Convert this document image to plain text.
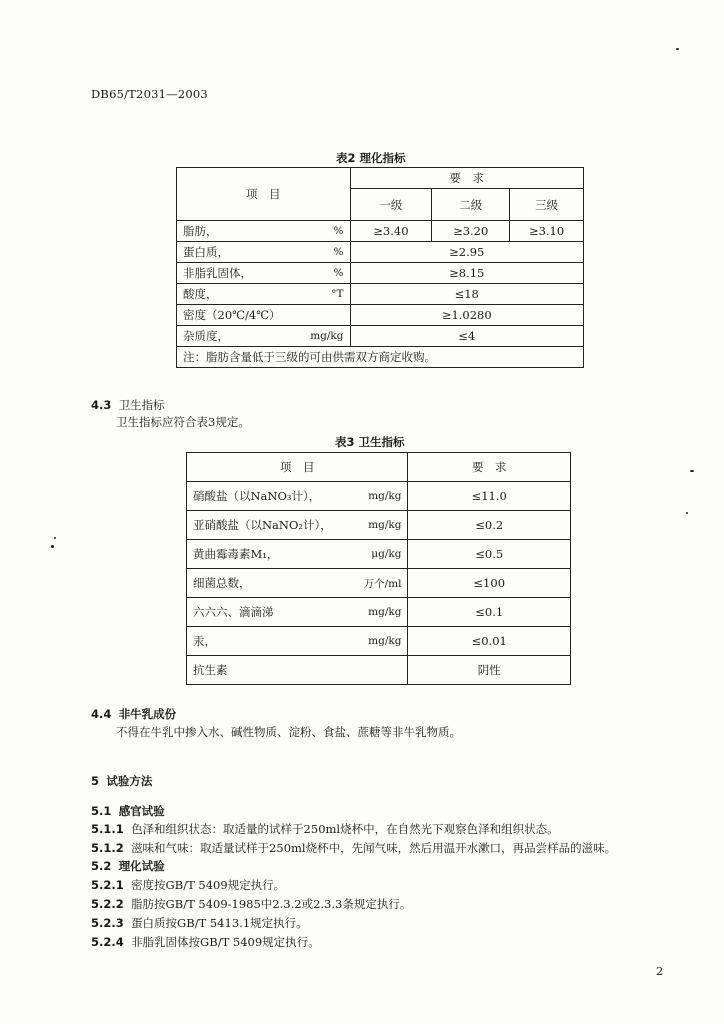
DB65/T2031—2003
表2 理化指标
项　目	要　求		
	一级	二级	三级

脂肪， %	≥3.40	≥3.20	≥3.10

蛋白质， %	≥2.95		

非脂乳固体， %	≥8.15		

酸度， °T	≤18		

密度（20℃/4℃）	≥1.0280		

杂质度， mg/kg	≤4		
注：脂肪含量低于三级的可由供需双方商定收购。			
4.3 卫生指标
卫生指标应符合表3规定。
表3 卫生指标
项　目	要　求

硝酸盐（以NaNO₃计）， mg/kg	≤11.0

亚硝酸盐（以NaNO₂计）， mg/kg	≤0.2

黄曲霉毒素M₁， μg/kg	≤0.5

细菌总数， 万个/ml	≤100

六六六、滴滴涕 mg/kg	≤0.1

汞， mg/kg	≤0.01

抗生素	阴性
4.4 非牛乳成份
不得在牛乳中掺入水、碱性物质、淀粉、食盐、蔗糖等非牛乳物质。
5 试验方法
5.1 感官试验
5.1.1 色泽和组织状态：取适量的试样于250ml烧杯中，在自然光下观察色泽和组织状态。
5.1.2 滋味和气味：取适量试样于250ml烧杯中，先闻气味，然后用温开水漱口，再品尝样品的滋味。
5.2 理化试验
5.2.1 密度按GB/T 5409规定执行。
5.2.2 脂肪按GB/T 5409-1985中2.3.2或2.3.3条规定执行。
5.2.3 蛋白质按GB/T 5413.1规定执行。
5.2.4 非脂乳固体按GB/T 5409规定执行。
2
